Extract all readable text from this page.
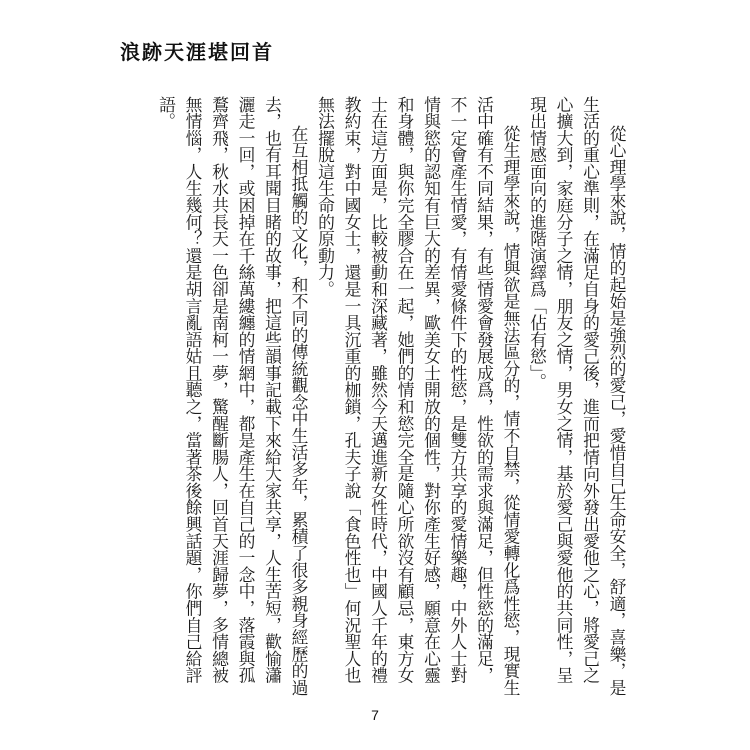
浪跡天涯堪回首

從心理學來說，情的起始是強烈的愛己，愛惜自己生命安全，舒適，喜樂，是生活的重心準則，在滿足自身的愛己後，進而把情向外發出愛他之心，將愛己之心擴大到，家庭分子之情，朋友之情，男女之情，基於愛己與愛他的共同性，呈現出情感面向的進階演繹爲「佔有慾」。

從生理學來說，情與欲是無法區分的，情不自禁，從情愛轉化爲性慾，現實生活中確有不同結果，有些情愛會發展成爲，性欲的需求與滿足，但性慾的滿足，不一定會產生情愛，有情愛條件下的性慾，是雙方共享的愛情樂趣，中外人士對情與慾的認知有巨大的差異，歐美女士開放的個性，對你產生好感，願意在心靈和身體，與你完全膠合在一起，她們的情和慾完全是隨心所欲沒有顧忌，東方女士在這方面是，比較被動和深藏著，雖然今天邁進新女性時代，中國人千年的禮教約束，對中國女士，還是一具沉重的枷鎖，孔夫子說「食色性也」何況聖人也無法擺脫這生命的原動力。

在互相抵觸的文化，和不同的傳統觀念中生活多年，累積了很多親身經歷的過去，也有耳聞目睹的故事，把這些韻事記載下來給大家共享，人生苦短，歡愉瀟灑走一回，或困掉在千絲萬縷纏的情網中，都是產生在自己的一念中，落霞與孤鶩齊飛，秋水共長天一色卻是南柯一夢，驚醒斷腸人，回首天涯歸夢，多情總被無情惱，人生幾何？還是胡言亂語姑且聽之，當著茶後餘興話題，你們自己給評語。

7
